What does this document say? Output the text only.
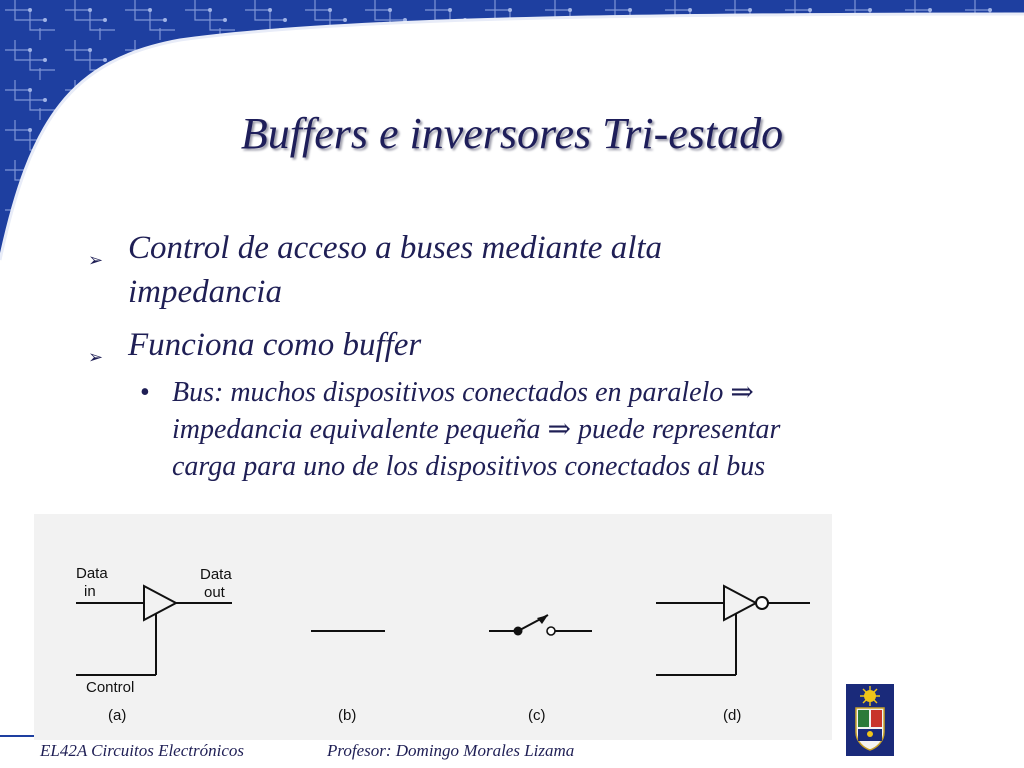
Buffers e inversores Tri-estado
➢ Control de acceso a buses mediante alta
impedancia
➢ Funciona como buffer
• Bus: muchos dispositivos conectados en paralelo ⇒
impedancia equivalente pequeña ⇒ puede representar
carga para uno de los dispositivos conectados al bus
Data
in
Data
out
Control
(a)	(b)	(c)	(d)
EL42A Circuitos Electrónicos	Profesor: Domingo Morales Lizama
